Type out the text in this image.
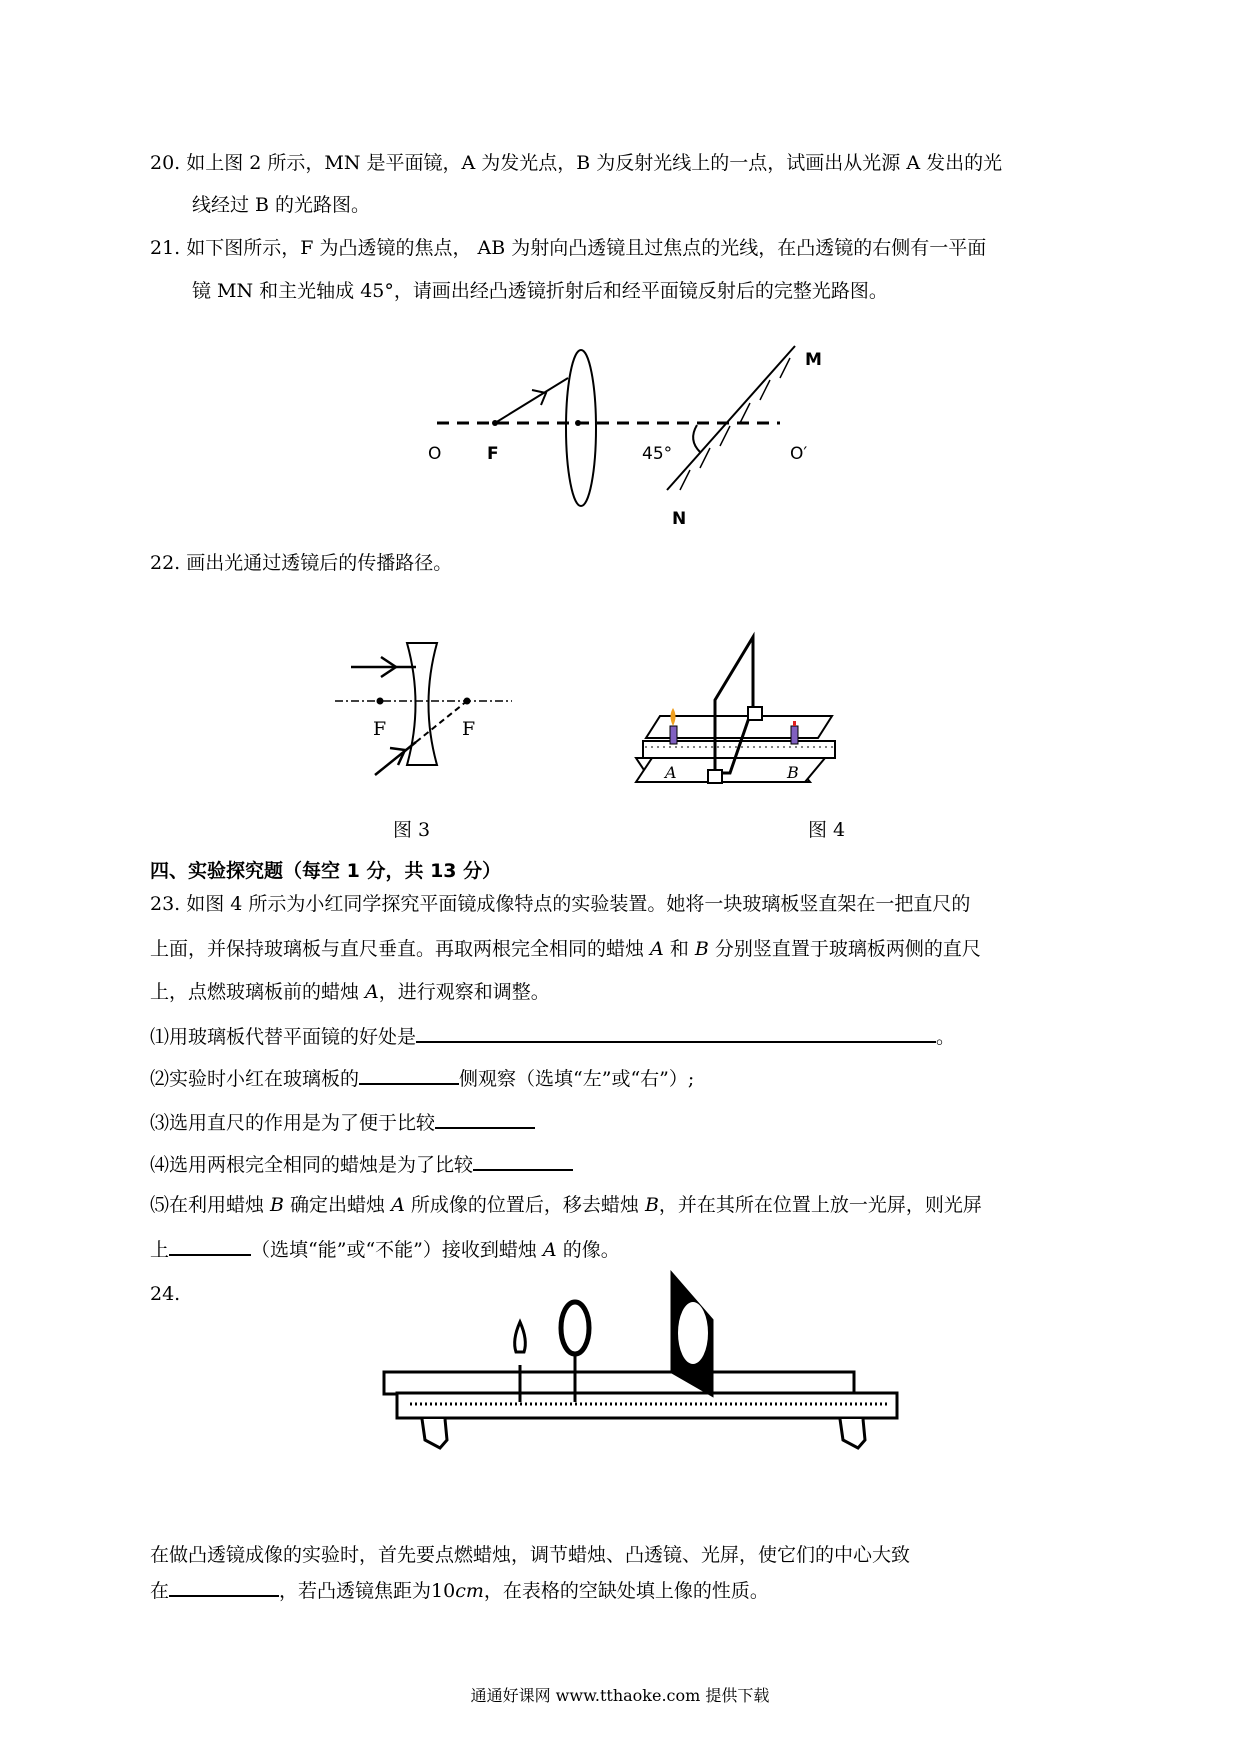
20. 如上图 2 所示，MN 是平面镜，A 为发光点，B 为反射光线上的一点，试画出从光源 A 发出的光
线经过 B 的光路图。
21. 如下图所示，F 为凸透镜的焦点， AB 为射向凸透镜且过焦点的光线，在凸透镜的右侧有一平面
镜 MN 和主光轴成 45°，请画出经凸透镜折射后和经平面镜反射后的完整光路图。
O	F	45°	O′
M
N
22. 画出光通过透镜后的传播路径。
F	F
图 3
A	B
图 4
四、实验探究题（每空 1 分，共 13 分）
23. 如图 4 所示为小红同学探究平面镜成像特点的实验装置。她将一块玻璃板竖直架在一把直尺的
上面，并保持玻璃板与直尺垂直。再取两根完全相同的蜡烛 A 和 B 分别竖直置于玻璃板两侧的直尺
上，点燃玻璃板前的蜡烛 A，进行观察和调整。
⑴用玻璃板代替平面镜的好处是	。
⑵实验时小红在玻璃板的	侧观察（选填“左”或“右”）;
⑶选用直尺的作用是为了便于比较
⑷选用两根完全相同的蜡烛是为了比较
⑸在利用蜡烛 B 确定出蜡烛 A 所成像的位置后，移去蜡烛 B，并在其所在位置上放一光屏，则光屏
上	（选填“能”或“不能”）接收到蜡烛 A 的像。
24.
在做凸透镜成像的实验时，首先要点燃蜡烛，调节蜡烛、凸透镜、光屏，使它们的中心大致
在	，若凸透镜焦距为10cm，在表格的空缺处填上像的性质。
通通好课网 www.tthaoke.com 提供下载
